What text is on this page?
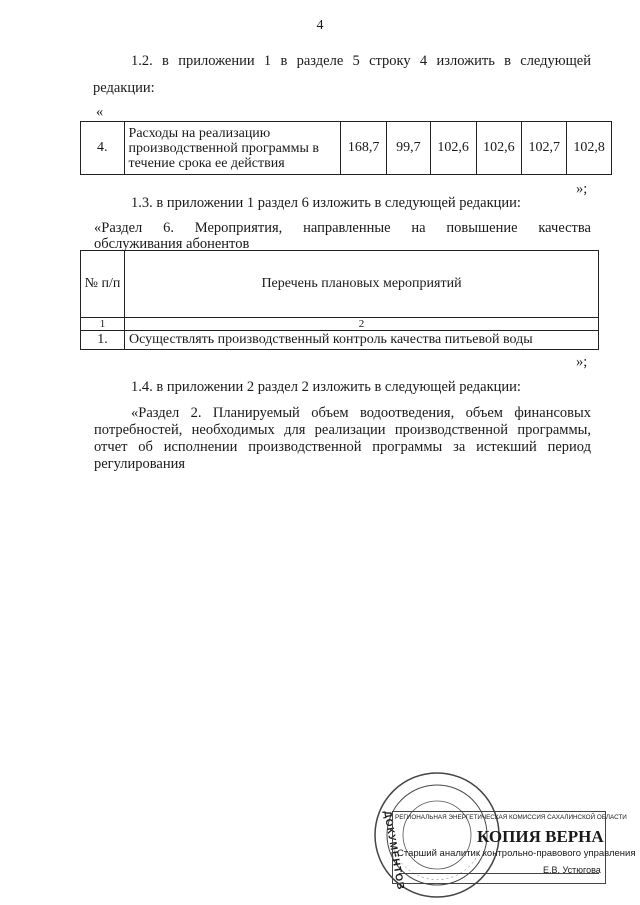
4
1.2. в приложении 1 в разделе 5 строку 4 изложить в следующей
редакции:
«
4.	Расходы на реализацию производственной программы в течение срока ее действия	168,7	99,7	102,6	102,6	102,7	102,8
»;
1.3. в приложении 1 раздел 6 изложить в следующей редакции:
«Раздел 6. Мероприятия, направленные на повышение качества
обслуживания абонентов
№ п/п	Перечень плановых мероприятий
1	2
1.	Осуществлять производственный контроль качества питьевой воды
»;
1.4. в приложении 2 раздел 2 изложить в следующей редакции:
«Раздел 2. Планируемый объем водоотведения, объем финансовых
потребностей, необходимых для реализации производственной программы,
отчет об исполнении производственной программы за истекший период
регулирования
ДОКУМЕНТОВ
РЕГИОНАЛЬНАЯ ЭНЕРГЕТИЧЕСКАЯ КОМИССИЯ САХАЛИНСКОЙ ОБЛАСТИ
КОПИЯ ВЕРНА
Старший аналитик контрольно-правового управления
Е.В. Устюгова
